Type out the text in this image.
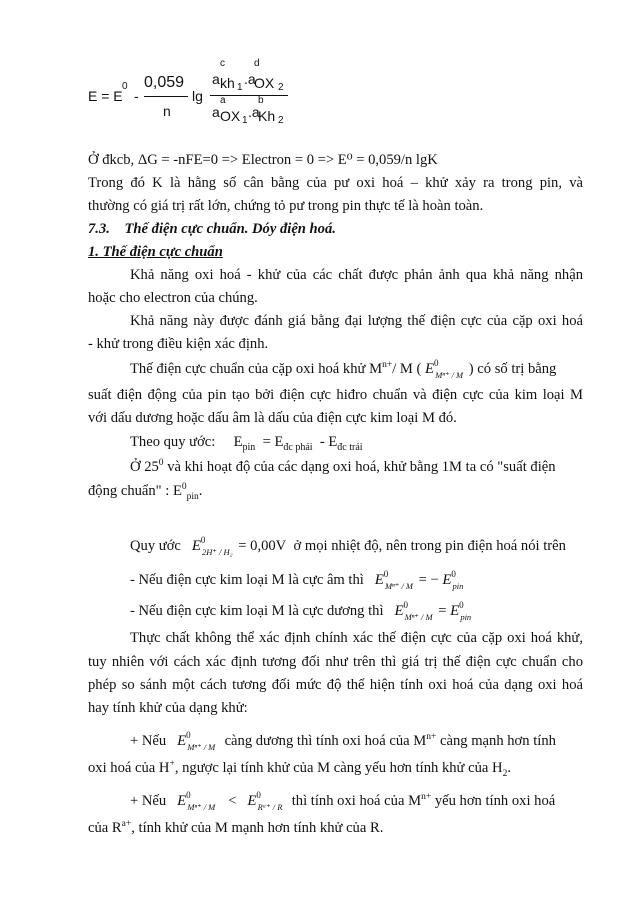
E = E
0
-
0,059
n
lg
a
c
kh 1
.a
d
OX 2
a
a
OX 1
.a
b
Kh 2
Ở đkcb, ΔG = -nFE=0 => Electron = 0 => E⁰ = 0,059/n lgK
Trong đó K là hằng số cân bằng của pư oxi hoá – khử xảy ra trong pin, và
thường có giá trị rất lớn, chứng tỏ pư trong pin thực tế là hoàn toàn.
7.3. Thế điện cực chuẩn. Dóy điện hoá.
1. Thế điện cực chuẩn
Khả năng oxi hoá - khử của các chất được phản ảnh qua khả năng nhận
hoặc cho electron của chúng.
Khả năng này được đánh giá bằng đại lượng thế điện cực của cặp oxi hoá
- khử trong điều kiện xác định.
Thế điện cực chuẩn của cặp oxi hoá khử $M^{n+}/$ M ( E 0
$_{M^{n+} / M}$ ) có số trị bằng
suất điện động của pin tạo bởi điện cực hiđro chuẩn và điện cực của kim loại M
với dấu dương hoặc dấu âm là dấu của điện cực kim loại M đó.
Theo quy ước: $E_{pin} = E_{đc phải} - E_{đc trái}$
Ở $25^0$ và khi hoạt độ của các dạng oxi hoá, khử bằng 1M ta có "suất điện
động chuẩn" : $E^0_{pin}$.
Quy ước E 0
$_{2H^+ / H_2}$ = 0,00V ở mọi nhiệt độ, nên trong pin điện hoá nói trên
- Nếu điện cực kim loại M là cực âm thì E 0
$_{M^{n+} / M}$ = − E 0
$_{pin}$
- Nếu điện cực kim loại M là cực dương thì E 0
$_{M^{n+} / M}$ = E 0
$_{pin}$
Thực chất không thể xác định chính xác thế điện cực của cặp oxi hoá khử,
tuy nhiên với cách xác định tương đối như trên thì giá trị thế điện cực chuẩn cho
phép so sánh một cách tương đối mức độ thể hiện tính oxi hoá của dạng oxi hoá
hay tính khử của dạng khử:
+ Nếu E 0
$_{M^{n+} / M}$ càng dương thì tính oxi hoá của $M^{n+}$ càng mạnh hơn tính
oxi hoá của H+, ngược lại tính khử của M càng yếu hơn tính khử của $H_2$.
+ Nếu E 0
$_{M^{n+} / M}$ < E 0
$_{Rᵃ^+ / R}$ thì tính oxi hoá của $M^{n+}$ yếu hơn tính oxi hoá
của $R^{a+}$, tính khử của M mạnh hơn tính khử của R.
